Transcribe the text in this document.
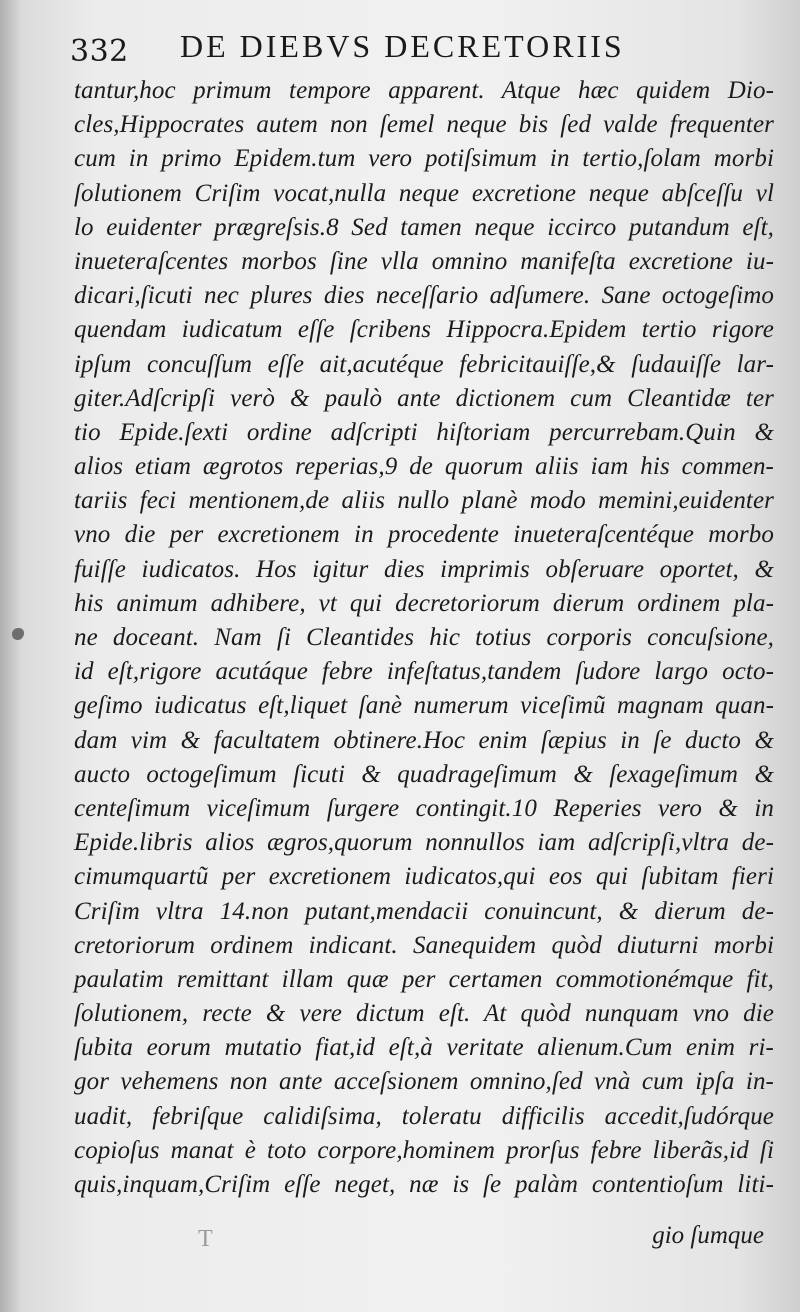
332 DE DIEBVS DECRETORIIS
tantur,hoc primum tempore apparent. Atque hæc quidem Dio-
cles,Hippocrates autem non ſemel neque bis ſed valde frequenter
cum in primo Epidem.tum vero potiſsimum in tertio,ſolam morbi
ſolutionem Criſim vocat,nulla neque excretione neque abſceſſu vl
lo euidenter prægreſsis.8 Sed tamen neque iccirco putandum eſt,
inueteraſcentes morbos ſine vlla omnino manifeſta excretione iu-
dicari,ſicuti nec plures dies neceſſario adſumere. Sane octogeſimo
quendam iudicatum eſſe ſcribens Hippocra.Epidem tertio rigore
ipſum concuſſum eſſe ait,acutéque febricitauiſſe,& ſudauiſſe lar-
giter.Adſcripſi verò & paulò ante dictionem cum Cleantidæ ter
tio Epide.ſexti ordine adſcripti hiſtoriam percurrebam.Quin &
alios etiam ægrotos reperias,9 de quorum aliis iam his commen-
tariis feci mentionem,de aliis nullo planè modo memini,euidenter
vno die per excretionem in procedente inueteraſcentéque morbo
fuiſſe iudicatos. Hos igitur dies imprimis obſeruare oportet, &
his animum adhibere, vt qui decretoriorum dierum ordinem pla-
ne doceant. Nam ſi Cleantides hic totius corporis concuſsione,
id eſt,rigore acutáque febre infeſtatus,tandem ſudore largo octo-
geſimo iudicatus eſt,liquet ſanè numerum viceſimũ magnam quan-
dam vim & facultatem obtinere.Hoc enim ſæpius in ſe ducto &
aucto octogeſimum ſicuti & quadrageſimum & ſexageſimum &
centeſimum viceſimum ſurgere contingit.10 Reperies vero & in
Epide.libris alios ægros,quorum nonnullos iam adſcripſi,vltra de-
cimumquartũ per excretionem iudicatos,qui eos qui ſubitam fieri
Criſim vltra 14.non putant,mendacii conuincunt, & dierum de-
cretoriorum ordinem indicant. Sanequidem quòd diuturni morbi
paulatim remittant illam quæ per certamen commotionémque fit,
ſolutionem, recte & vere dictum eſt. At quòd nunquam vno die
ſubita eorum mutatio fiat,id eſt,à veritate alienum.Cum enim ri-
gor vehemens non ante acceſsionem omnino,ſed vnà cum ipſa in-
uadit, febriſque calidiſsima, toleratu difficilis accedit,ſudórque
copioſus manat è toto corpore,hominem prorſus febre liberãs,id ſi
quis,inquam,Criſim eſſe neget, næ is ſe palàm contentioſum liti-
T	gio ſumque
